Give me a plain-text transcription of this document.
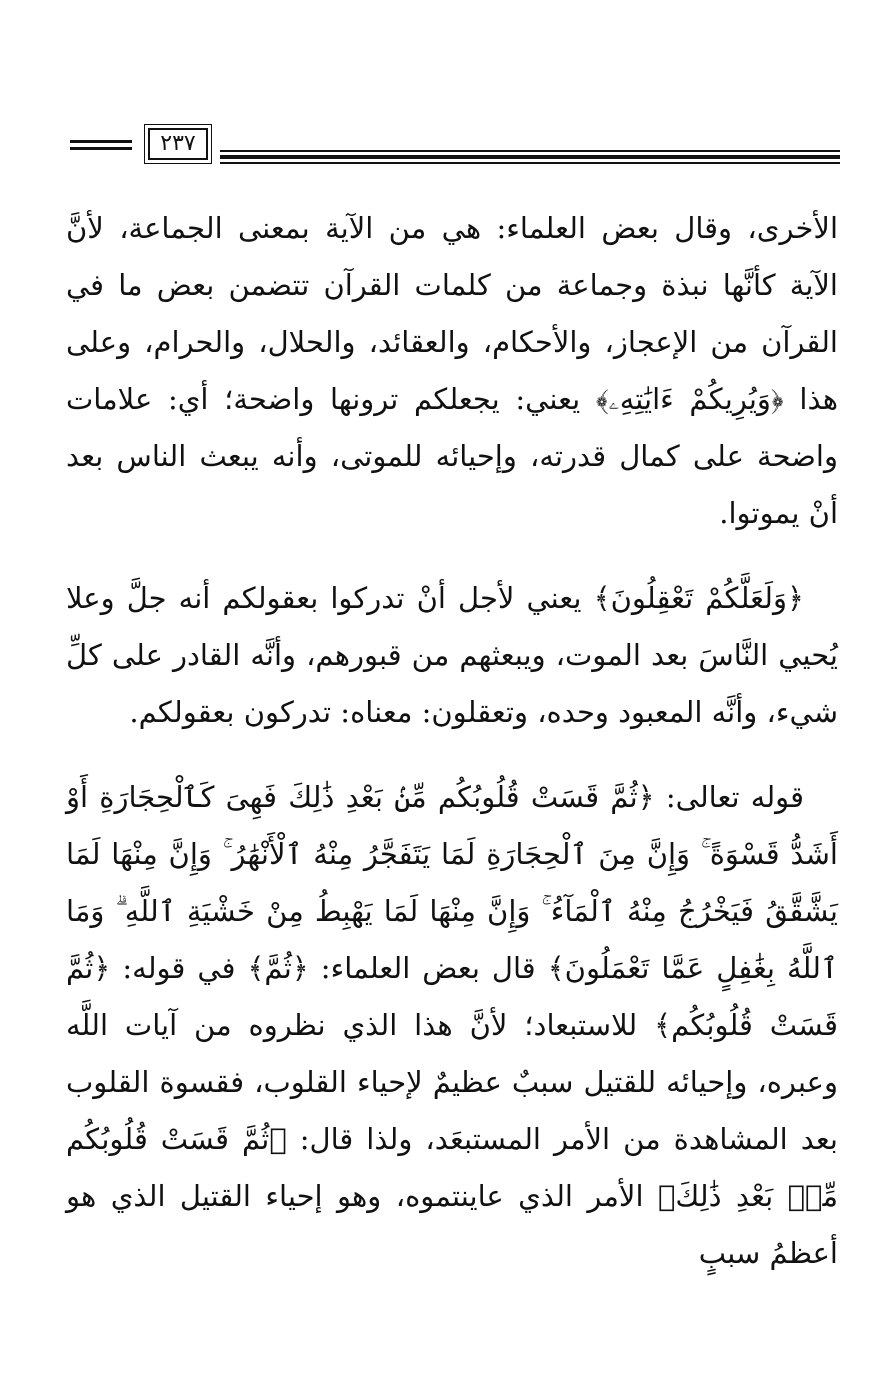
٢٣٧

الأخرى، وقال بعض العلماء: هي من الآية بمعنى الجماعة، لأنَّ الآية كأنَّها نبذة وجماعة من كلمات القرآن تتضمن بعض ما في القرآن من الإعجاز، والأحكام، والعقائد، والحلال، والحرام، وعلى هذا ﴿وَيُرِيكُمْ ءَايَٰتِهِۦ﴾ يعني: يجعلكم ترونها واضحة؛ أي: علامات واضحة على كمال قدرته، وإحيائه للموتى، وأنه يبعث الناس بعد أنْ يموتوا.

﴿وَلَعَلَّكُمْ تَعْقِلُونَ﴾ يعني لأجل أنْ تدركوا بعقولكم أنه جلَّ وعلا يُحيي النَّاسَ بعد الموت، ويبعثهم من قبورهم، وأنَّه القادر على كلِّ شيء، وأنَّه المعبود وحده، وتعقلون: معناه: تدركون بعقولكم.

قوله تعالى: ﴿ثُمَّ قَسَتْ قُلُوبُكُم مِّنۢ بَعْدِ ذَٰلِكَ فَهِىَ كَٱلْحِجَارَةِ أَوْ أَشَدُّ قَسْوَةً ۚ وَإِنَّ مِنَ ٱلْحِجَارَةِ لَمَا يَتَفَجَّرُ مِنْهُ ٱلْأَنْهَٰرُ ۚ وَإِنَّ مِنْهَا لَمَا يَشَّقَّقُ فَيَخْرُجُ مِنْهُ ٱلْمَآءُ ۚ وَإِنَّ مِنْهَا لَمَا يَهْبِطُ مِنْ خَشْيَةِ ٱللَّهِ ۗ وَمَا ٱللَّهُ بِغَٰفِلٍ عَمَّا تَعْمَلُونَ﴾ قال بعض العلماء: ﴿ثُمَّ﴾ في قوله: ﴿ثُمَّ قَسَتْ قُلُوبُكُم﴾ للاستبعاد؛ لأنَّ هذا الذي نظروه من آيات اللَّه وعبره، وإحيائه للقتيل سببٌ عظيمٌ لإحياء القلوب، فقسوة القلوب بعد المشاهدة من الأمر المستبعَد، ولذا قال: ﴿ثُمَّ قَسَتْ قُلُوبُكُم مِّنۢ بَعْدِ ذَٰلِكَ﴾ الأمر الذي عاينتموه، وهو إحياء القتيل الذي هو أعظمُ سببٍ
